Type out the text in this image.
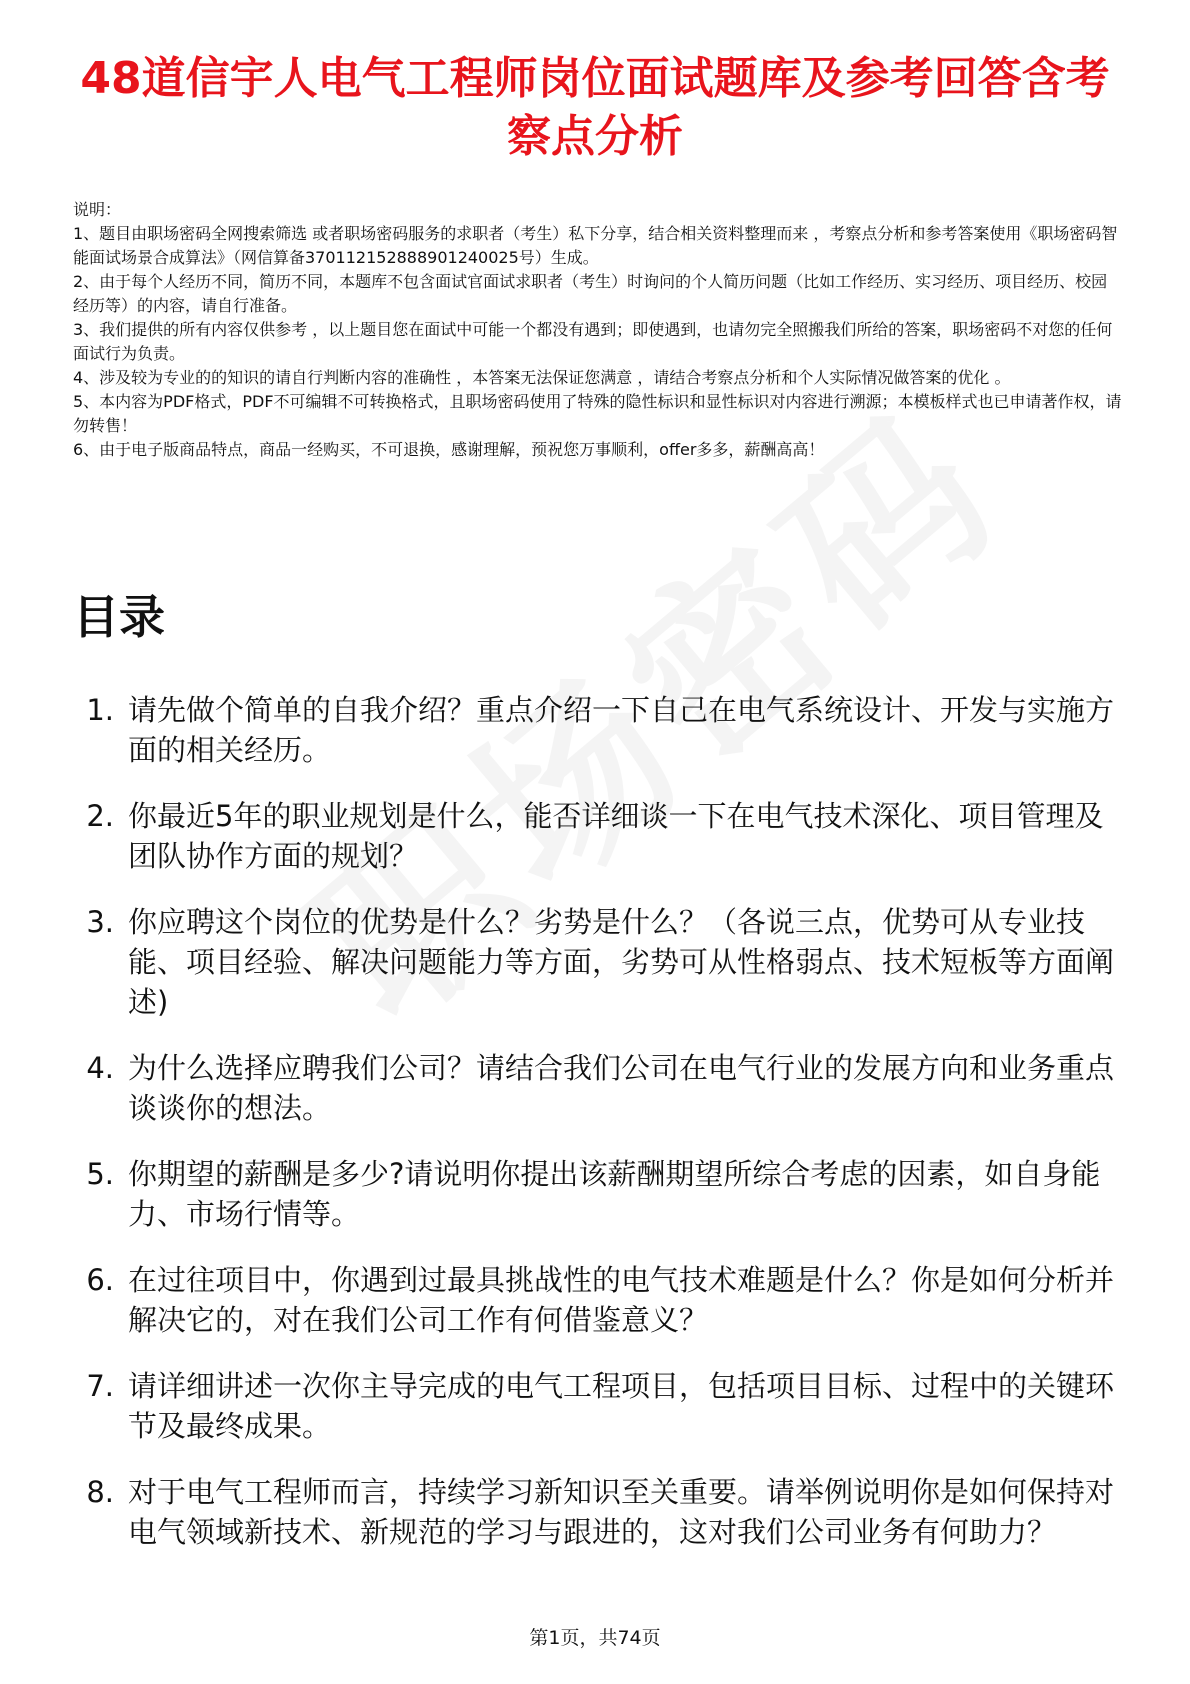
48道信宇人电气工程师岗位面试题库及参考回答含考察点分析

说明：

1、题目由职场密码全网搜索筛选 或者职场密码服务的求职者（考生）私下分享，结合相关资料整理而来 ，考察点分析和参考答案使用《职场密码智能面试场景合成算法》（网信算备370112152888901240025号）生成。

2、由于每个人经历不同，简历不同，本题库不包含面试官面试求职者（考生）时询问的个人简历问题（比如工作经历、实习经历、项目经历、校园经历等）的内容，请自行准备。

3、我们提供的所有内容仅供参考 ，以上题目您在面试中可能一个都没有遇到；即使遇到，也请勿完全照搬我们所给的答案，职场密码不对您的任何面试行为负责。

4、涉及较为专业的的知识的请自行判断内容的准确性 ，本答案无法保证您满意 ，请结合考察点分析和个人实际情况做答案的优化 。

5、本内容为PDF格式，PDF不可编辑不可转换格式，且职场密码使用了特殊的隐性标识和显性标识对内容进行溯源；本模板样式也已申请著作权，请勿转售！

6、由于电子版商品特点，商品一经购买，不可退换，感谢理解，预祝您万事顺利，offer多多，薪酬高高！

目录
1. 请先做个简单的自我介绍？重点介绍一下自己在电气系统设计、开发与实施方面的相关经历。
2. 你最近5年的职业规划是什么，能否详细谈一下在电气技术深化、项目管理及团队协作方面的规划？
3. 你应聘这个岗位的优势是什么？劣势是什么？（各说三点，优势可从专业技能、项目经验、解决问题能力等方面，劣势可从性格弱点、技术短板等方面阐述)
4. 为什么选择应聘我们公司？请结合我们公司在电气行业的发展方向和业务重点谈谈你的想法。
5. 你期望的薪酬是多少?请说明你提出该薪酬期望所综合考虑的因素，如自身能力、市场行情等。
6. 在过往项目中，你遇到过最具挑战性的电气技术难题是什么？你是如何分析并解决它的，对在我们公司工作有何借鉴意义？
7. 请详细讲述一次你主导完成的电气工程项目，包括项目目标、过程中的关键环节及最终成果。
8. 对于电气工程师而言，持续学习新知识至关重要。请举例说明你是如何保持对电气领域新技术、新规范的学习与跟进的，这对我们公司业务有何助力？
第1页，共74页
